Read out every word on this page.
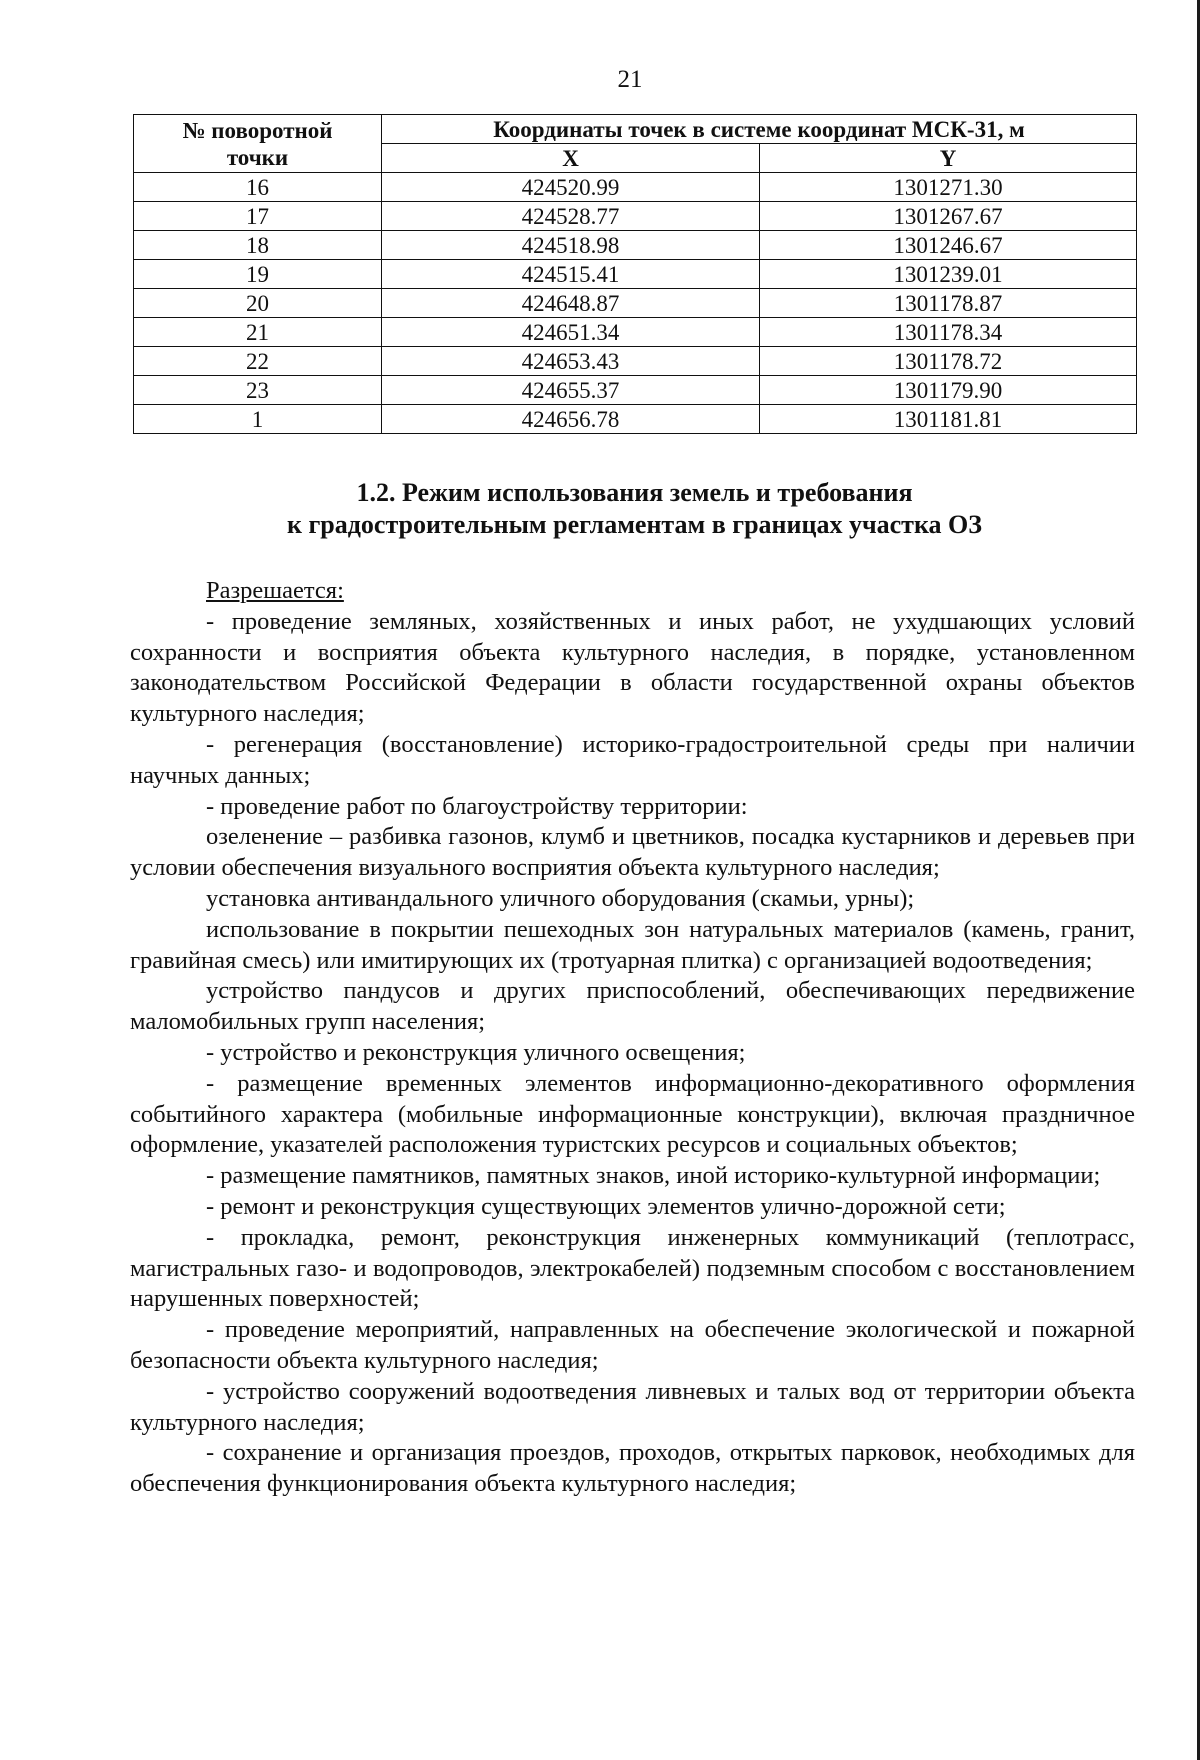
21
№ поворотной
точки	Координаты точек в системе координат МСК-31, м	
	X	Y
16	424520.99	1301271.30
17	424528.77	1301267.67
18	424518.98	1301246.67
19	424515.41	1301239.01
20	424648.87	1301178.87
21	424651.34	1301178.34
22	424653.43	1301178.72
23	424655.37	1301179.90
1	424656.78	1301181.81
1.2. Режим использования земель и требования
к градостроительным регламентам в границах участка ОЗ

Разрешается:

- проведение земляных, хозяйственных и иных работ, не ухудшающих условий сохранности и восприятия объекта культурного наследия, в порядке, установленном законодательством Российской Федерации в области государственной охраны объектов культурного наследия;

- регенерация (восстановление) историко-градостроительной среды при наличии научных данных;

- проведение работ по благоустройству территории:

озеленение – разбивка газонов, клумб и цветников, посадка кустарников и деревьев при условии обеспечения визуального восприятия объекта культурного наследия;

установка антивандального уличного оборудования (скамьи, урны);

использование в покрытии пешеходных зон натуральных материалов (камень, гранит, гравийная смесь) или имитирующих их (тротуарная плитка) с организацией водоотведения;

устройство пандусов и других приспособлений, обеспечивающих передвижение маломобильных групп населения;

- устройство и реконструкция уличного освещения;

- размещение временных элементов информационно-декоративного оформления событийного характера (мобильные информационные конструкции), включая праздничное оформление, указателей расположения туристских ресурсов и социальных объектов;

- размещение памятников, памятных знаков, иной историко-культурной информации;

- ремонт и реконструкция существующих элементов улично-дорожной сети;

- прокладка, ремонт, реконструкция инженерных коммуникаций (теплотрасс, магистральных газо- и водопроводов, электрокабелей) подземным способом с восстановлением нарушенных поверхностей;

- проведение мероприятий, направленных на обеспечение экологической и пожарной безопасности объекта культурного наследия;

- устройство сооружений водоотведения ливневых и талых вод от территории объекта культурного наследия;

- сохранение и организация проездов, проходов, открытых парковок, необходимых для обеспечения функционирования объекта культурного наследия;
